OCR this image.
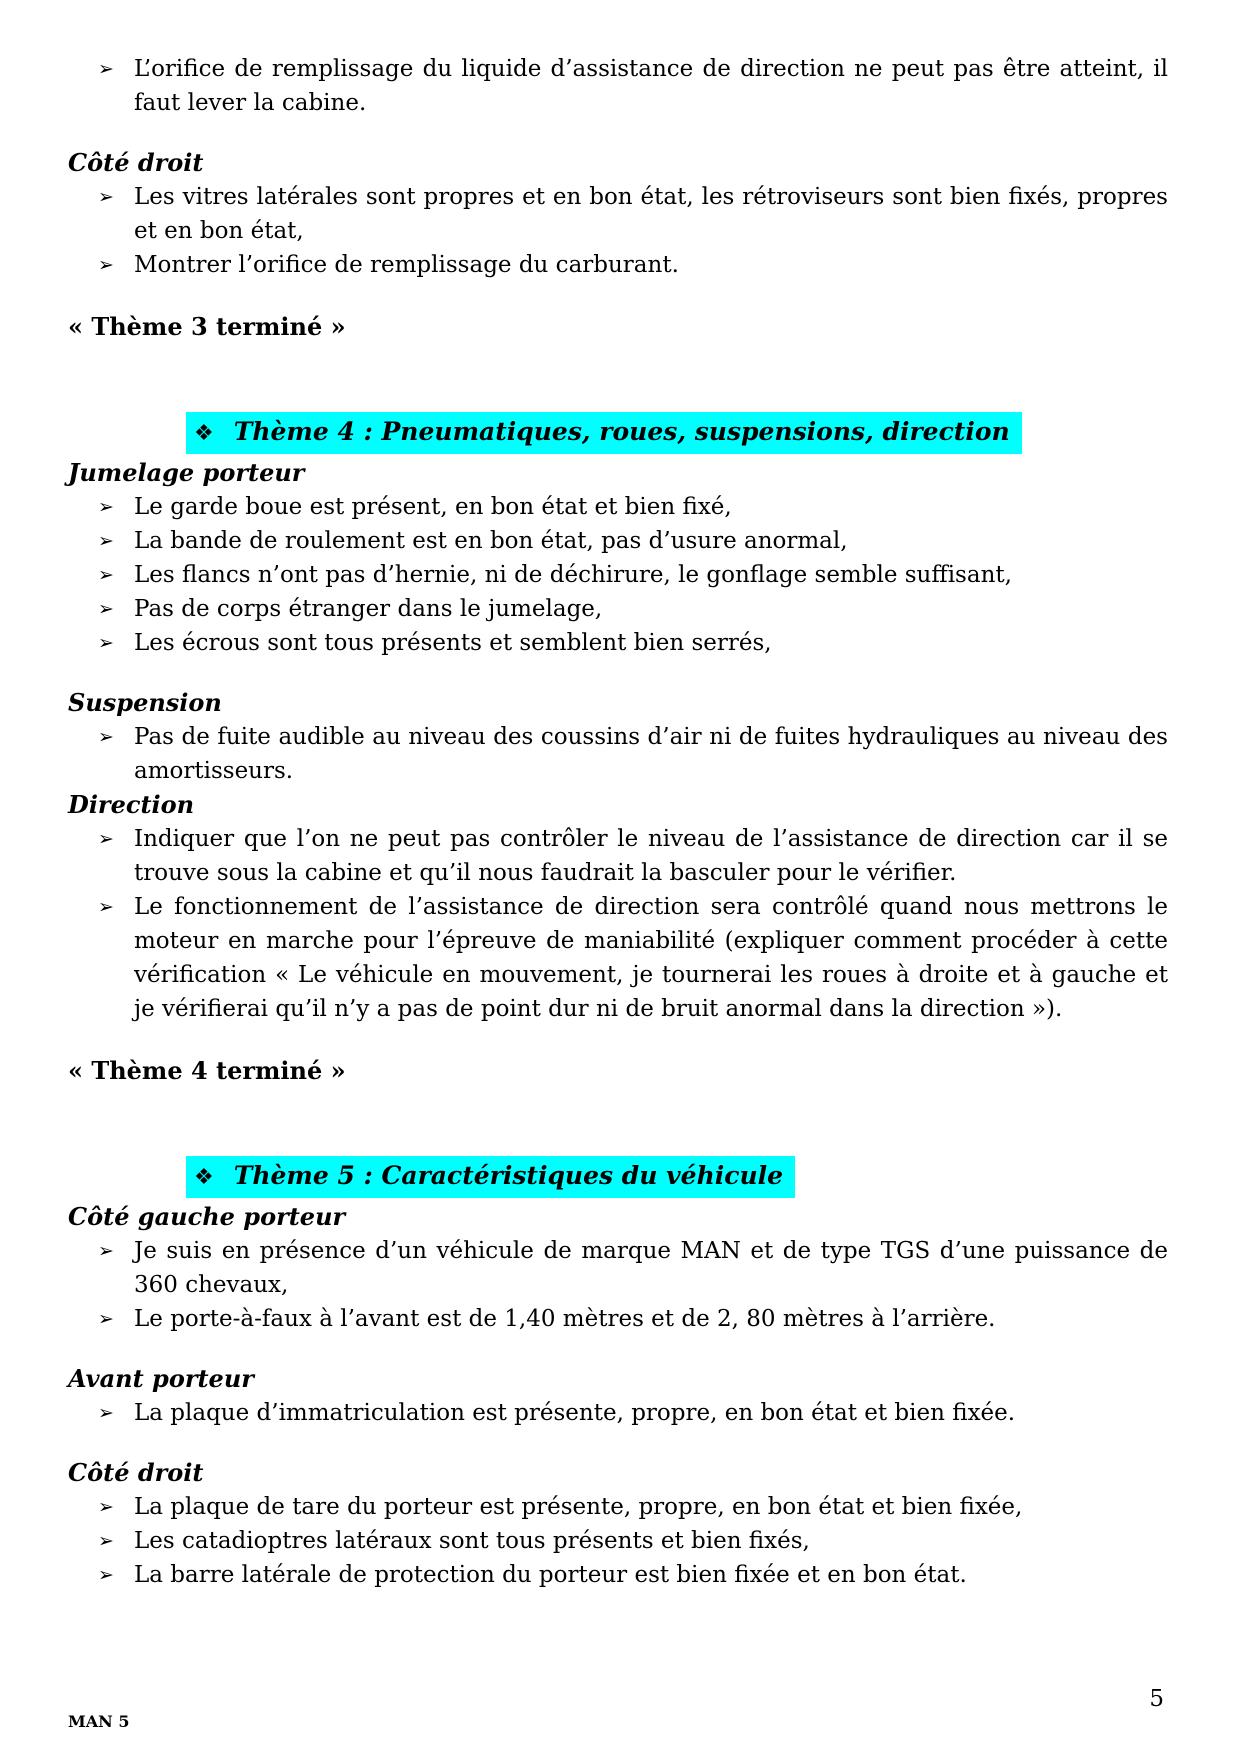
➢ L’orifice de remplissage du liquide d’assistance de direction ne peut pas être atteint, il faut lever la cabine.

Côté droit
➢ Les vitres latérales sont propres et en bon état, les rétroviseurs sont bien fixés, propres et en bon état,

➢ Montrer l’orifice de remplissage du carburant.

« Thème 3 terminé »

❖ Thème 4 : Pneumatiques, roues, suspensions, direction
Jumelage porteur
➢ Le garde boue est présent, en bon état et bien fixé,

➢ La bande de roulement est en bon état, pas d’usure anormal,

➢ Les flancs n’ont pas d’hernie, ni de déchirure, le gonflage semble suffisant,

➢ Pas de corps étranger dans le jumelage,

➢ Les écrous sont tous présents et semblent bien serrés,

Suspension
➢ Pas de fuite audible au niveau des coussins d’air ni de fuites hydrauliques au niveau des amortisseurs.

Direction
➢ Indiquer que l’on ne peut pas contrôler le niveau de l’assistance de direction car il se trouve sous la cabine et qu’il nous faudrait la basculer pour le vérifier.

➢ Le fonctionnement de l’assistance de direction sera contrôlé quand nous mettrons le moteur en marche pour l’épreuve de maniabilité (expliquer comment procéder à cette vérification « Le véhicule en mouvement, je tournerai les roues à droite et à gauche et je vérifierai qu’il n’y a pas de point dur ni de bruit anormal dans la direction »).

« Thème 4 terminé »

❖ Thème 5 : Caractéristiques du véhicule
Côté gauche porteur
➢ Je suis en présence d’un véhicule de marque MAN et de type TGS d’une puissance de 360 chevaux,

➢ Le porte-à-faux à l’avant est de 1,40 mètres et de 2, 80 mètres à l’arrière.

Avant porteur
➢ La plaque d’immatriculation est présente, propre, en bon état et bien fixée.

Côté droit
➢ La plaque de tare du porteur est présente, propre, en bon état et bien fixée,

➢ Les catadioptres latéraux sont tous présents et bien fixés,

➢ La barre latérale de protection du porteur est bien fixée et en bon état.

5
MAN 5
